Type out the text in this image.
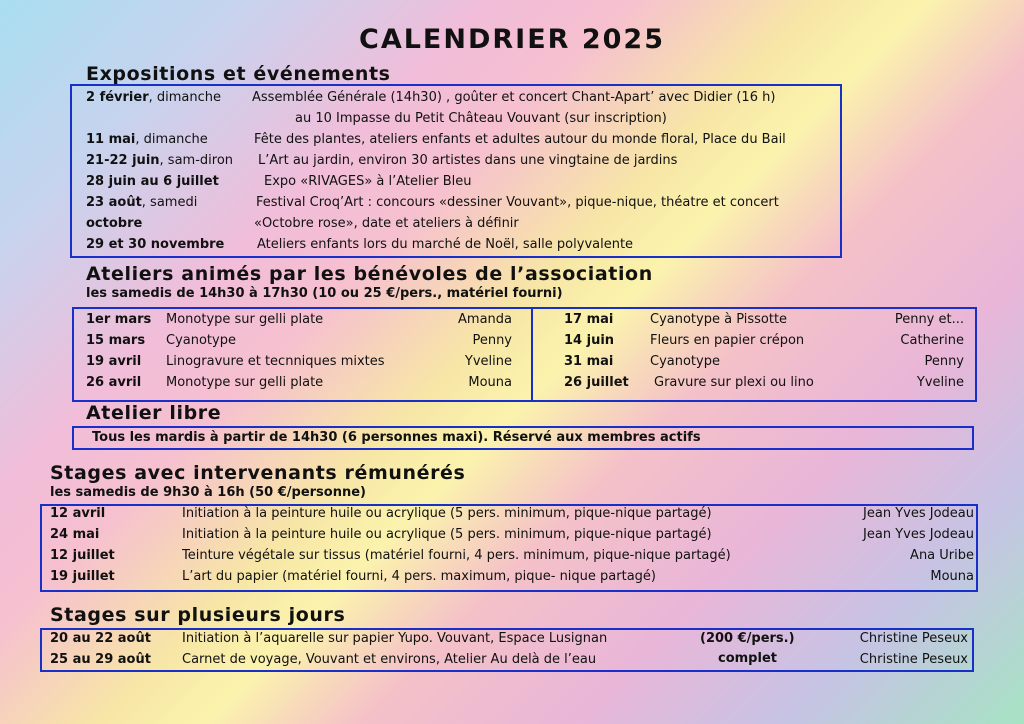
CALENDRIER 2025
Expositions et événements
2 février, dimanche Assemblée Générale (14h30) , goûter et concert Chant-Apart’ avec Didier (16 h)
au 10 Impasse du Petit Château Vouvant (sur inscription)
11 mai, dimanche	Fête des plantes, ateliers enfants et adultes autour du monde floral, Place du Bail
21-22 juin, sam-diron L’Art au jardin, environ 30 artistes dans une vingtaine de jardins
28 juin au 6 juillet	Expo «RIVAGES» à l’Atelier Bleu
23 août, samedi	Festival Croq’Art : concours «dessiner Vouvant», pique-nique, théatre et concert
octobre	«Octobre rose», date et ateliers à définir
29 et 30 novembre	Ateliers enfants lors du marché de Noël, salle polyvalente
Ateliers animés par les bénévoles de l’association
les samedis de 14h30 à 17h30 (10 ou 25 €/pers., matériel fourni)
1er mars Monotype sur gelli plate	Amanda
15 mars Cyanotype	Penny
19 avril Linogravure et tecnniques mixtes	Yveline
26 avril Monotype sur gelli plate	Mouna
17 mai	Cyanotype à Pissotte	Penny et...
14 juin	Fleurs en papier crépon	Catherine
31 mai	Cyanotype	Penny
26 juillet Gravure sur plexi ou lino	Yveline
Atelier libre
Tous les mardis à partir de 14h30 (6 personnes maxi). Réservé aux membres actifs
Stages avec intervenants rémunérés
les samedis de 9h30 à 16h (50 €/personne)
12 avril	Initiation à la peinture huile ou acrylique (5 pers. minimum, pique-nique partagé)	Jean Yves Jodeau
24 mai	Initiation à la peinture huile ou acrylique (5 pers. minimum, pique-nique partagé)	Jean Yves Jodeau
12 juillet	Teinture végétale sur tissus (matériel fourni, 4 pers. minimum, pique-nique partagé)	Ana Uribe
19 juillet	L’art du papier (matériel fourni, 4 pers. maximum, pique- nique partagé)	Mouna
Stages sur plusieurs jours
20 au 22 août Initiation à l’aquarelle sur papier Yupo. Vouvant, Espace Lusignan	(200 €/pers.)	Christine Peseux
25 au 29 août Carnet de voyage, Vouvant et environs, Atelier Au delà de l’eau	complet	Christine Peseux
